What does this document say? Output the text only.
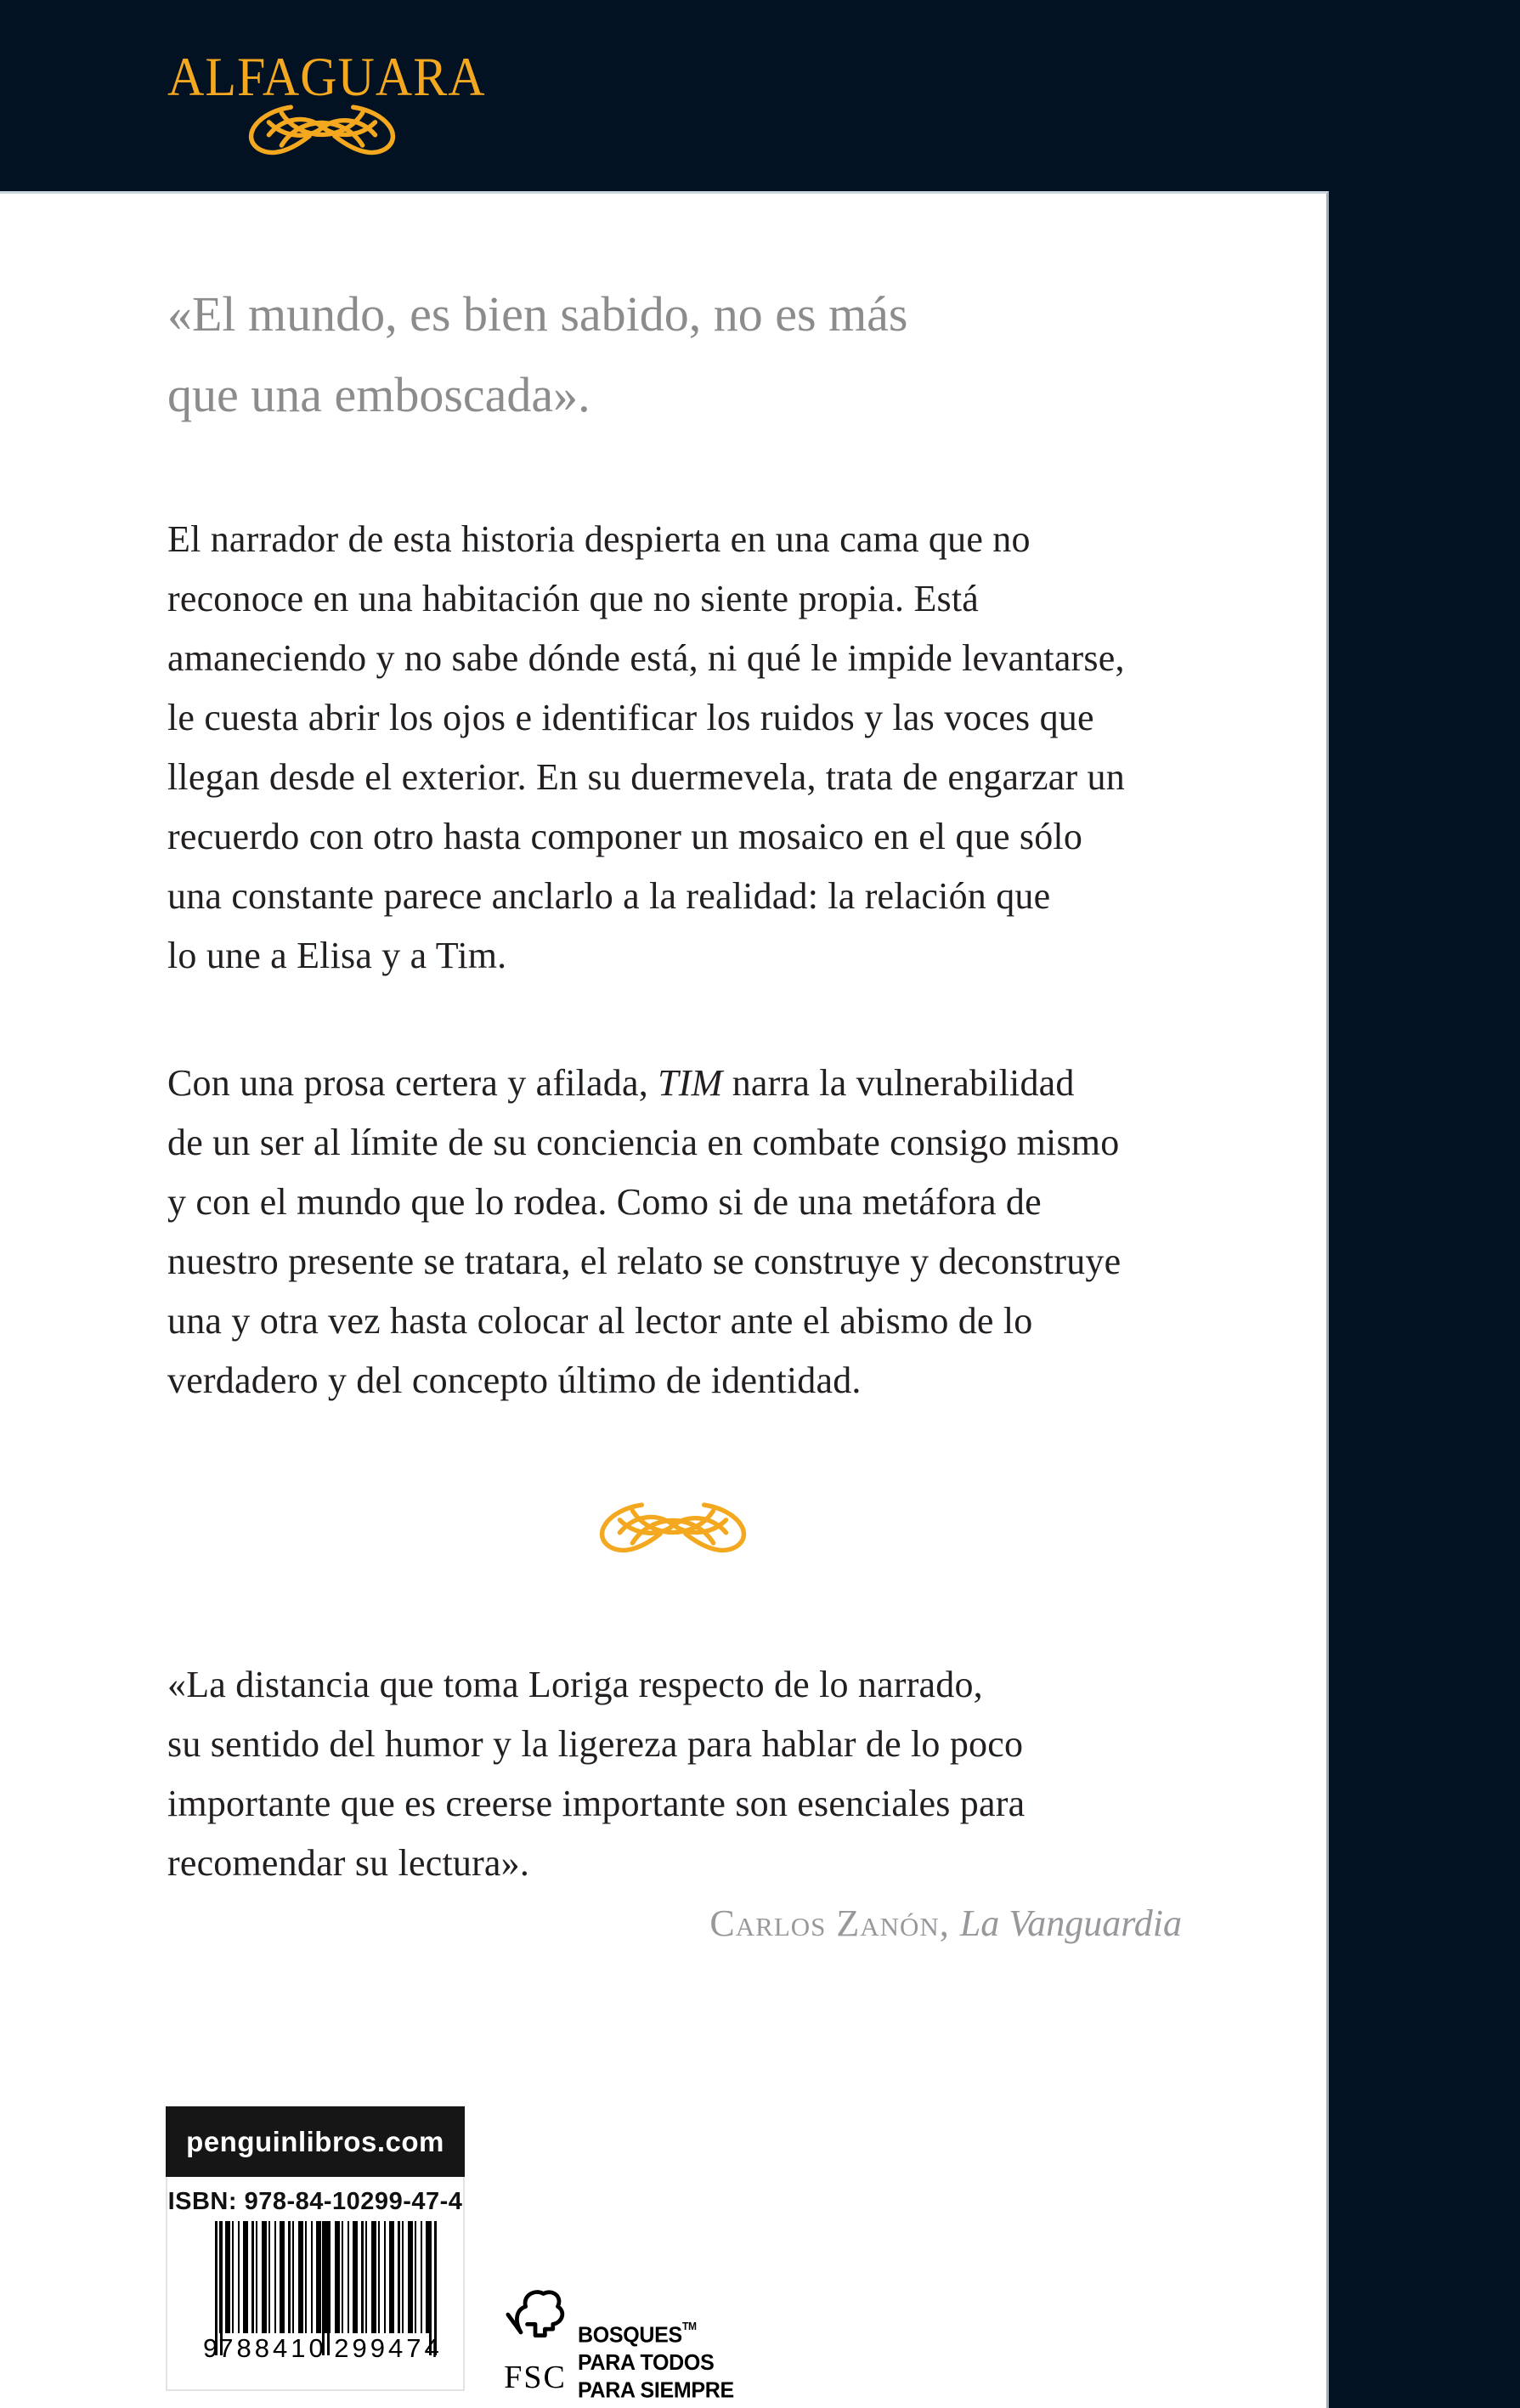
ALFAGUARA
«El mundo, es bien sabido, no es más
que una emboscada».
El narrador de esta historia despierta en una cama que no
reconoce en una habitación que no siente propia. Está
amaneciendo y no sabe dónde está, ni qué le impide levantarse,
le cuesta abrir los ojos e identificar los ruidos y las voces que
llegan desde el exterior. En su duermevela, trata de engarzar un
recuerdo con otro hasta componer un mosaico en el que sólo
una constante parece anclarlo a la realidad: la relación que
lo une a Elisa y a Tim.
Con una prosa certera y afilada, TIM narra la vulnerabilidad
de un ser al límite de su conciencia en combate consigo mismo
y con el mundo que lo rodea. Como si de una metáfora de
nuestro presente se tratara, el relato se construye y deconstruye
una y otra vez hasta colocar al lector ante el abismo de lo
verdadero y del concepto último de identidad.
«La distancia que toma Loriga respecto de lo narrado,
su sentido del humor y la ligereza para hablar de lo poco
importante que es creerse importante son esenciales para
recomendar su lectura».
Carlos Zanón, La Vanguardia
penguinlibros.com
ISBN: 978-84-10299-47-4
9 788410 299474
FSC
BOSQUES™
PARA TODOS
PARA SIEMPRE
